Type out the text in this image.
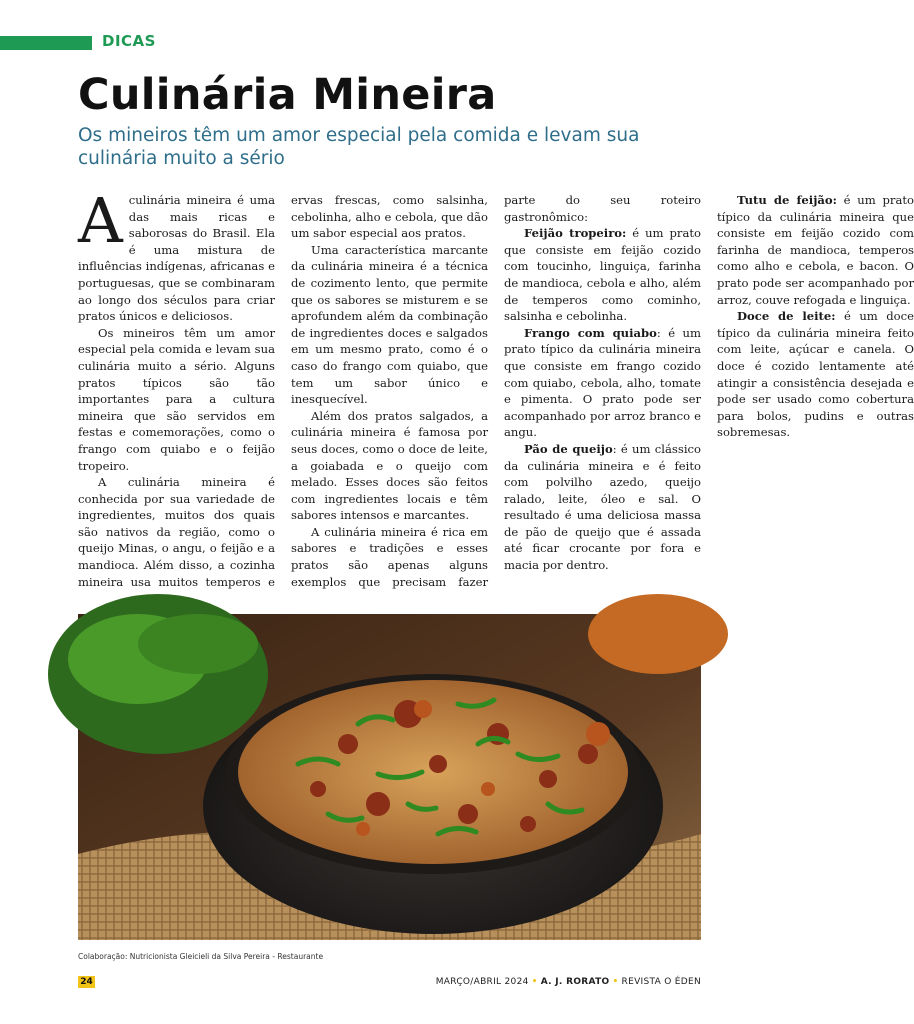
DICAS
Culinária Mineira
Os mineiros têm um amor especial pela comida e levam sua culinária muito a sério

Aculinária mineira é uma das mais ricas e saborosas do Brasil. Ela é uma mistura de influências indígenas, africanas e portuguesas, que se combinaram ao longo dos séculos para criar pratos únicos e deliciosos.

Os mineiros têm um amor especial pela comida e levam sua culinária muito a sério. Alguns pratos típicos são tão importantes para a cultura mineira que são servidos em festas e comemorações, como o frango com quiabo e o feijão tropeiro.

A culinária mineira é conhecida por sua variedade de ingredientes, muitos dos quais são nativos da região, como o queijo Minas, o angu, o feijão e a mandioca. Além disso, a cozinha mineira usa muitos temperos e ervas frescas, como salsinha, cebolinha, alho e cebola, que dão um sabor especial aos pratos.

Uma característica marcante da culinária mineira é a técnica de cozimento lento, que permite que os sabores se misturem e se aprofundem além da combinação de ingredientes doces e salgados em um mesmo prato, como é o caso do frango com quiabo, que tem um sabor único e inesquecível.

Além dos pratos salgados, a culinária mineira é famosa por seus doces, como o doce de leite, a goiabada e o queijo com melado. Esses doces são feitos com ingredientes locais e têm sabores intensos e marcantes.

A culinária mineira é rica em sabores e tradições e esses pratos são apenas alguns exemplos que precisam fazer parte do seu roteiro gastronômico:

Feijão tropeiro: é um prato que consiste em feijão cozido com toucinho, linguiça, farinha de mandioca, cebola e alho, além de temperos como cominho, salsinha e cebolinha.

Frango com quiabo: é um prato típico da culinária mineira que consiste em frango cozido com quiabo, cebola, alho, tomate e pimenta. O prato pode ser acompanhado por arroz branco e angu.

Pão de queijo: é um clássico da culinária mineira e é feito com polvilho azedo, queijo ralado, leite, óleo e sal. O resultado é uma deliciosa massa de pão de queijo que é assada até ficar crocante por fora e macia por dentro.

Tutu de feijão: é um prato típico da culinária mineira que consiste em feijão cozido com farinha de mandioca, temperos como alho e cebola, e bacon. O prato pode ser acompanhado por arroz, couve refogada e linguiça.

Doce de leite: é um doce típico da culinária mineira feito com leite, açúcar e canela. O doce é cozido lentamente até atingir a consistência desejada e pode ser usado como cobertura para bolos, pudins e outras sobremesas.

Colaboração: Nutricionista Gleicieli da Silva Pereira - Restaurante
24	MARÇO/ABRIL 2024 • A. J. RORATO • REVISTA O ÉDEN
